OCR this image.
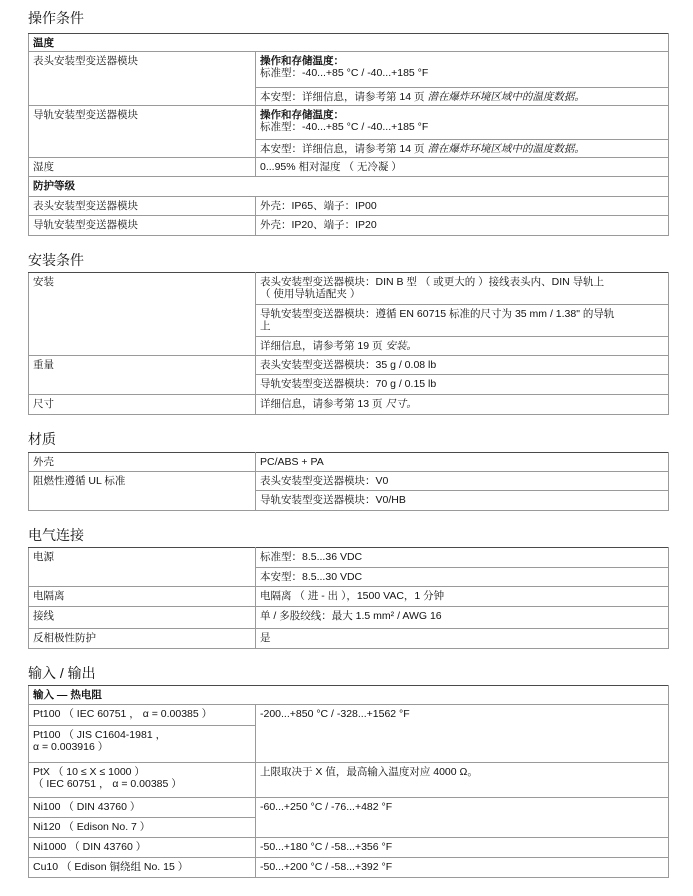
操作条件
温度	
表头安装型变送器模块	操作和存储温度：
标准型：-40...+85 °C / -40...+185 °F

	本安型：详细信息，请参考第 14 页 潜在爆炸环境区域中的温度数据。
导轨安装型变送器模块	操作和存储温度：
标准型：-40...+85 °C / -40...+185 °F

	本安型：详细信息，请参考第 14 页 潜在爆炸环境区域中的温度数据。
湿度	0...95% 相对湿度 （ 无冷凝 ）
防护等级	
表头安装型变送器模块	外壳：IP65、端子：IP00
导轨安装型变送器模块	外壳：IP20、端子：IP20
安装条件
安装	表头安装型变送器模块：DIN B 型 （ 或更大的 ）接线表头内、DIN 导轨上
（ 使用导轨适配夹 ）

	导轨安装型变送器模块：遵循 EN 60715 标准的尺寸为 35 mm / 1.38" 的导轨
上

	详细信息，请参考第 19 页 安装。
重量	表头安装型变送器模块：35 g / 0.08 lb
	导轨安装型变送器模块：70 g / 0.15 lb
尺寸	详细信息，请参考第 13 页 尺寸。
材质
外壳	PC/ABS + PA
阻燃性遵循 UL 标准	表头安装型变送器模块：V0
	导轨安装型变送器模块：V0/HB
电气连接
电源	标准型：8.5...36 VDC
	本安型：8.5...30 VDC
电隔离	电隔离 （ 进 - 出 ），1500 VAC，1 分钟
接线	单 / 多股绞线：最大 1.5 mm² / AWG 16
反相极性防护	是
输入 / 输出
输入 — 热电阻	
Pt100 （ IEC 60751 ， α = 0.00385 ）	-200...+850 °C / -328...+1562 °F

Pt100 （ JIS C1604-1981 ，
α = 0.003916 ）	

PtX （ 10 ≤ X ≤ 1000 ）
（ IEC 60751 ， α = 0.00385 ）	上限取决于 X 值，最高输入温度对应 4000 Ω。
Ni100 （ DIN 43760 ）	-60...+250 °C / -76...+482 °F
Ni120 （ Edison No. 7 ）	
Ni1000 （ DIN 43760 ）	-50...+180 °C / -58...+356 °F
Cu10 （ Edison 铜绕组 No. 15 ）	-50...+200 °C / -58...+392 °F
